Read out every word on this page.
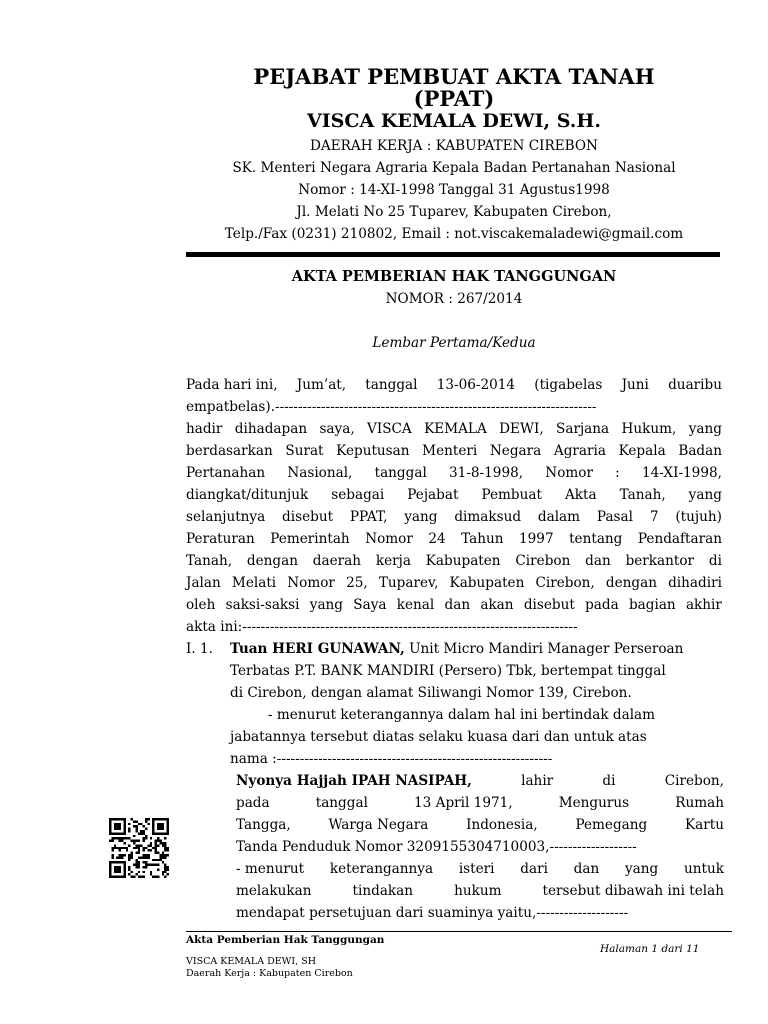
PEJABAT PEMBUAT AKTA TANAH
(PPAT)
VISCA KEMALA DEWI, S.H.
DAERAH KERJA : KABUPATEN CIREBON
SK. Menteri Negara Agraria Kepala Badan Pertanahan Nasional
Nomor : 14-XI-1998 Tanggal 31 Agustus1998
Jl. Melati No 25 Tuparev, Kabupaten Cirebon,
Telp./Fax (0231) 210802, Email : not.viscakemaladewi@gmail.com
AKTA PEMBERIAN HAK TANGGUNGAN
NOMOR : 267/2014
Lembar Pertama/Kedua
Pada hari ini, Jum’at, tanggal 13-06-2014 (tigabelas Juni duaribu
empatbelas).----------------------------------------------------------------------
hadir dihadapan saya, VISCA KEMALA DEWI, Sarjana Hukum, yang
berdasarkan Surat Keputusan Menteri Negara Agraria Kepala Badan
Pertanahan Nasional, tanggal 31-8-1998, Nomor : 14-XI-1998,
diangkat/ditunjuk sebagai Pejabat Pembuat Akta Tanah, yang
selanjutnya disebut PPAT, yang dimaksud dalam Pasal 7 (tujuh)
Peraturan Pemerintah Nomor 24 Tahun 1997 tentang Pendaftaran
Tanah, dengan daerah kerja Kabupaten Cirebon dan berkantor di
Jalan Melati Nomor 25, Tuparev, Kabupaten Cirebon, dengan dihadiri
oleh saksi-saksi yang Saya kenal dan akan disebut pada bagian akhir
akta ini:-------------------------------------------------------------------------
I. 1. Tuan HERI GUNAWAN, Unit Micro Mandiri Manager Perseroan
Terbatas P.T. BANK MANDIRI (Persero) Tbk, bertempat tinggal
di Cirebon, dengan alamat Siliwangi Nomor 139, Cirebon.
- menurut keterangannya dalam hal ini bertindak dalam
jabatannya tersebut diatas selaku kuasa dari dan untuk atas
nama :------------------------------------------------------------
Nyonya Hajjah IPAH NASIPAH,	lahir	di	Cirebon,
pada	tanggal	13 April 1971,	Mengurus	Rumah
Tangga,	Warga Negara	Indonesia,	Pemegang	Kartu
Tanda Penduduk Nomor 3209155304710003,-------------------
- menurut keterangannya isteri dari dan yang untuk
melakukan	tindakan	hukum	tersebut dibawah ini telah
mendapat persetujuan dari suaminya yaitu,--------------------
Akta Pemberian Hak Tanggungan
Halaman 1 dari 11
VISCA KEMALA DEWI, SH
Daerah Kerja : Kabupaten Cirebon
